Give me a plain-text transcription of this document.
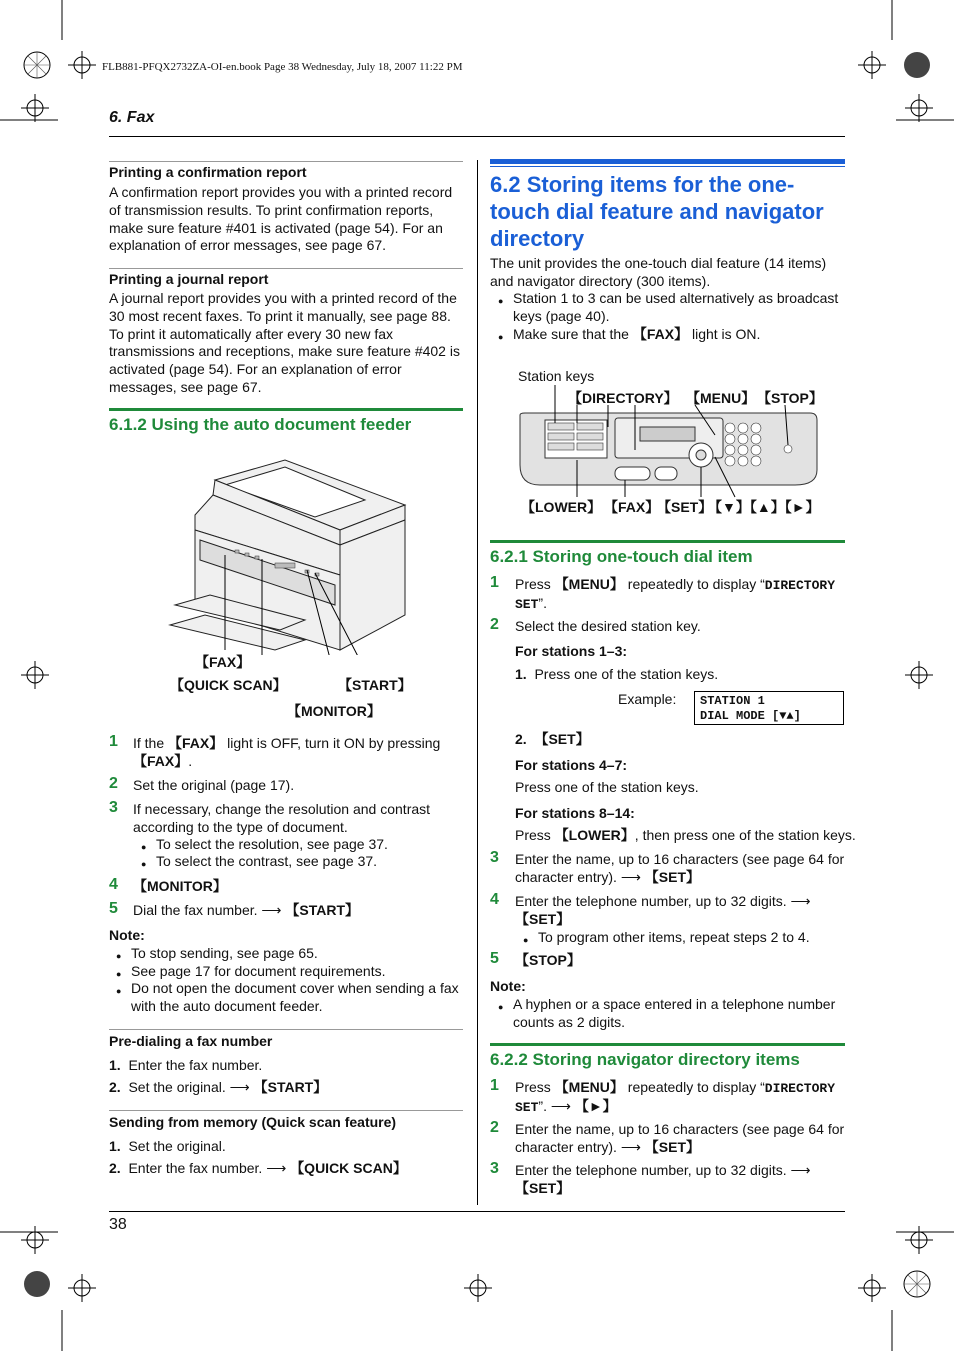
FLB881-PFQX2732ZA-OI-en.book Page 38 Wednesday, July 18, 2007 11:22 PM
6. Fax
38
Printing a confirmation report
A confirmation report provides you with a printed record
of transmission results. To print confirmation reports,
make sure feature #401 is activated (page 54). For an
explanation of error messages, see page 67.
Printing a journal report
A journal report provides you with a printed record of the
30 most recent faxes. To print it manually, see page 88.
To print it automatically after every 30 new fax
transmissions and receptions, make sure feature #402 is
activated (page 54). For an explanation of error
messages, see page 67.
6.1.2 Using the auto document feeder
【FAX】
【QUICK SCAN】	【START】
【MONITOR】
1 If the 【FAX】 light is OFF, turn it ON by pressing
【FAX】.
2 Set the original (page 17).
3 If necessary, change the resolution and contrast
according to the type of document.
● To select the resolution, see page 37.
● To select the contrast, see page 37.
4 【MONITOR】
5 Dial the fax number. ⟶ 【START】
Note:
● To stop sending, see page 65.
● See page 17 for document requirements.
● Do not open the document cover when sending a fax
with the auto document feeder.
Pre-dialing a fax number
1. Enter the fax number.
2. Set the original. ⟶ 【START】
Sending from memory (Quick scan feature)
1. Set the original.
2. Enter the fax number. ⟶ 【QUICK SCAN】
6.2 Storing items for the one-
touch dial feature and navigator
directory
The unit provides the one-touch dial feature (14 items)
and navigator directory (300 items).
● Station 1 to 3 can be used alternatively as broadcast
keys (page 40).
● Make sure that the 【FAX】 light is ON.
Station keys
【DIRECTORY】 【MENU】 【STOP】
【LOWER】 【FAX】
【SET】
【▼】【▲】【►】
6.2.1 Storing one-touch dial item
1 Press 【MENU】 repeatedly to display “DIRECTORY
SET”.
2 Select the desired station key.
For stations 1–3:
1. Press one of the station keys.
Example: STATION 1
DIAL MODE [▼▲]
2. 【SET】
For stations 4–7:
Press one of the station keys.
For stations 8–14:
Press 【LOWER】, then press one of the station keys.
3 Enter the name, up to 16 characters (see page 64 for
character entry). ⟶ 【SET】
4 Enter the telephone number, up to 32 digits. ⟶
【SET】
● To program other items, repeat steps 2 to 4.
5 【STOP】
Note:
● A hyphen or a space entered in a telephone number
counts as 2 digits.
6.2.2 Storing navigator directory items
1 Press 【MENU】 repeatedly to display “DIRECTORY
SET”. ⟶ 【►】
2 Enter the name, up to 16 characters (see page 64 for
character entry). ⟶ 【SET】
3 Enter the telephone number, up to 32 digits. ⟶
【SET】
